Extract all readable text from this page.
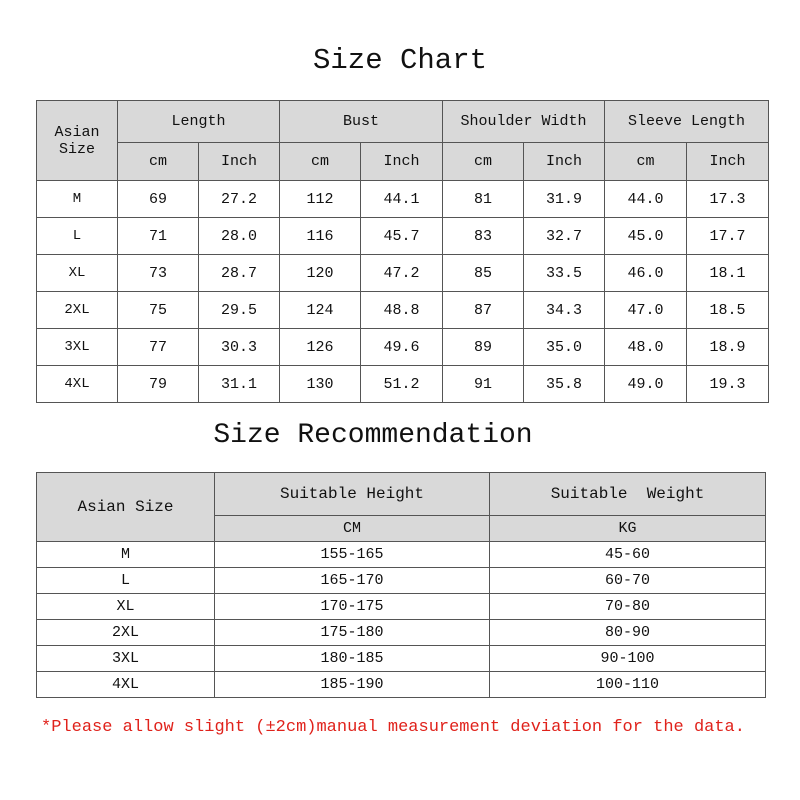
Size Chart
Asian
Size	Length		Bust		Shoulder Width		Sleeve Length	
	cm	Inch	cm	Inch	cm	Inch	cm	Inch
M	69	27.2	112	44.1	81	31.9	44.0	17.3
L	71	28.0	116	45.7	83	32.7	45.0	17.7
XL	73	28.7	120	47.2	85	33.5	46.0	18.1
2XL	75	29.5	124	48.8	87	34.3	47.0	18.5
3XL	77	30.3	126	49.6	89	35.0	48.0	18.9
4XL	79	31.1	130	51.2	91	35.8	49.0	19.3
Size Recommendation
Asian Size	Suitable Height	Suitable  Weight
	CM	KG
M	155-165	45-60
L	165-170	60-70
XL	170-175	70-80
2XL	175-180	80-90
3XL	180-185	90-100
4XL	185-190	100-110

*Please allow slight (±2cm)manual measurement deviation for the data.
